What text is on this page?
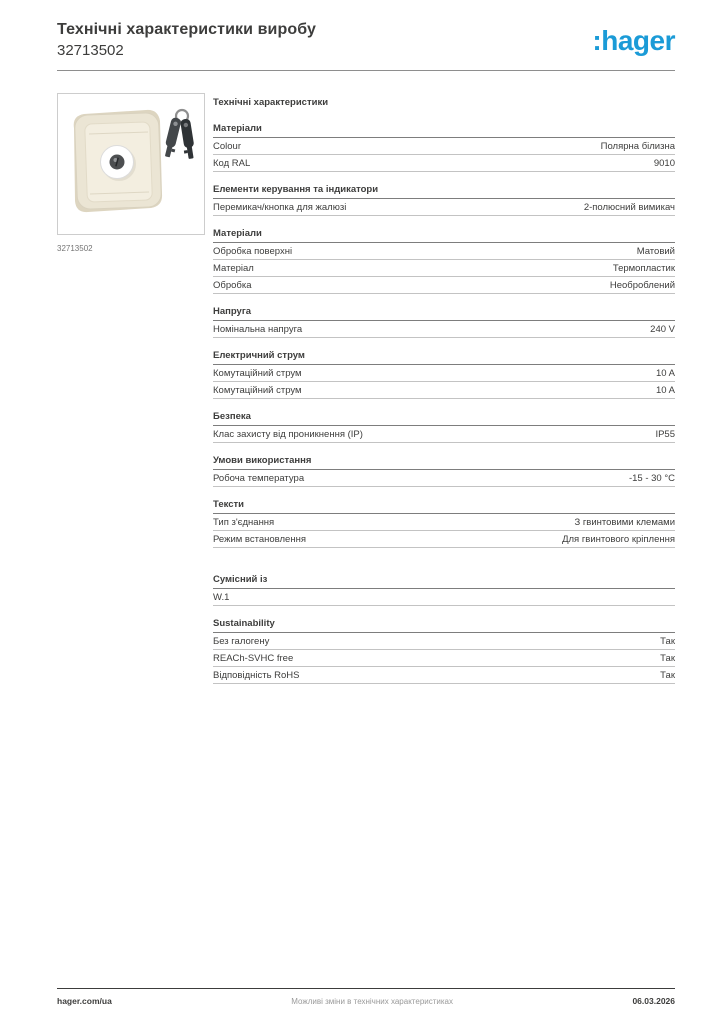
Технічні характеристики виробу
32713502	:hager
32713502
Технічні характеристики
Матеріали
Colour	Полярна білизна
Код RAL	9010
Елементи керування та індикатори
Перемикач/кнопка для жалюзі	2-полюсний вимикач
Матеріали
Обробка поверхні	Матовий
Матеріал	Термопластик
Обробка	Необроблений
Напруга
Номінальна напруга	240 V
Електричний струм
Комутаційний струм	10 A
Комутаційний струм	10 A
Безпека
Клас захисту від проникнення (IP)	IP55
Умови використання
Робоча температура	-15 - 30 °C
Тексти
Тип з'єднання	З гвинтовими клемами
Режим встановлення	Для гвинтового кріплення
Сумісний із
W.1
Sustainability
Без галогену	Так
REACh-SVHC free	Так
Відповідність RoHS	Так
hager.com/ua	Можливі зміни в технічних характеристиках	06.03.2026
